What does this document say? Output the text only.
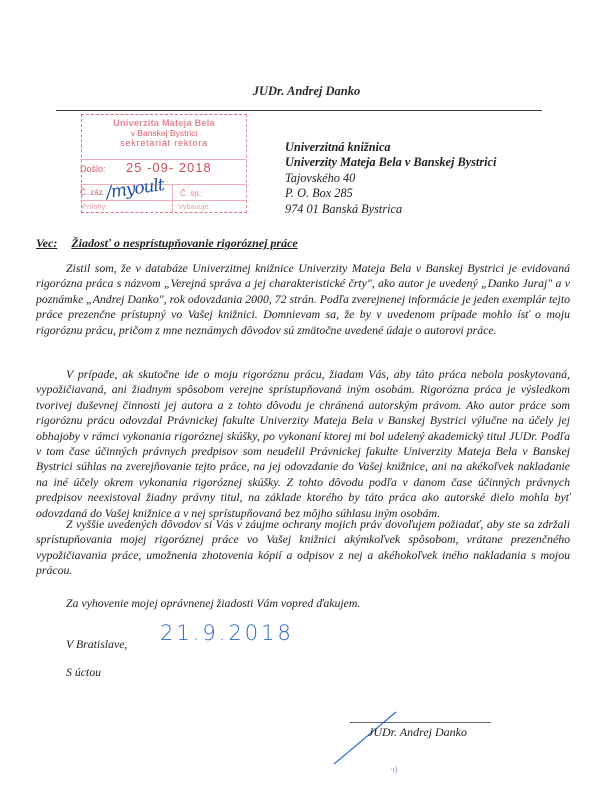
JUDr. Andrej Danko
Univerzita Mateja Bela
v Banskej Bystrici
sekretariát rektora
Došlo: 25 -09- 2018
Č. záz.:
/myoult Č. sp.:
Prílohy:	Vybavuje:
Univerzitná knižnica
Univerzity Mateja Bela v Banskej Bystrici
Tajovského 40
P. O. Box 285
974 01 Banská Bystrica
Vec: Žiadosť o nesprístupňovanie rigoróznej práce
Zistil som, že v databáze Univerzitnej knižnice Univerzity Mateja Bela v Banskej Bystrici je evidovaná rigorózna práca s názvom „Verejná správa a jej charakteristické črty", ako autor je uvedený „Danko Juraj" a v poznámke „Andrej Danko", rok odovzdania 2000, 72 strán. Podľa zverejnenej informácie je jeden exemplár tejto práce prezenčne prístupný vo Vašej knižnici. Domnievam sa, že by v uvedenom prípade mohlo ísť o moju rigoróznu prácu, pričom z mne neznámych dôvodov sú zmätočne uvedené údaje o autorovi práce.
V prípade, ak skutočne ide o moju rigoróznu prácu, žiadam Vás, aby táto práca nebola poskytovaná, vypožičiavaná, ani žiadnym spôsobom verejne sprístupňovaná iným osobám. Rigorózna práca je výsledkom tvorivej duševnej činnosti jej autora a z tohto dôvodu je chránená autorským právom. Ako autor práce som rigoróznu prácu odovzdal Právnickej fakulte Univerzity Mateja Bela v Banskej Bystrici výlučne na účely jej obhajoby v rámci vykonania rigoróznej skúšky, po vykonaní ktorej mi bol udelený akademický titul JUDr. Podľa v tom čase účinných právnych predpisov som neudelil Právnickej fakulte Univerzity Mateja Bela v Banskej Bystrici súhlas na zverejňovanie tejto práce, na jej odovzdanie do Vašej knižnice, ani na akékoľvek nakladanie na iné účely okrem vykonania rigoróznej skúšky. Z tohto dôvodu podľa v danom čase účinných právnych predpisov neexistoval žiadny právny titul, na základe ktorého by táto práca ako autorské dielo mohla byť odovzdaná do Vašej knižnice a v nej sprístupňovaná bez môjho súhlasu iným osobám.
Z vyššie uvedených dôvodov si Vás v záujme ochrany mojich práv dovoľujem požiadať, aby ste sa zdržali sprístupňovania mojej rigoróznej práce vo Vašej knižnici akýmkoľvek spôsobom, vrátane prezenčného vypožičiavania práce, umožnenia zhotovenia kópií a odpisov z nej a akéhokoľvek iného nakladania s mojou prácou.
Za vyhovenie mojej oprávnenej žiadosti Vám vopred ďakujem.
V Bratislave, 21.9.2018
S úctou
JUDr. Andrej Danko
·ı)
